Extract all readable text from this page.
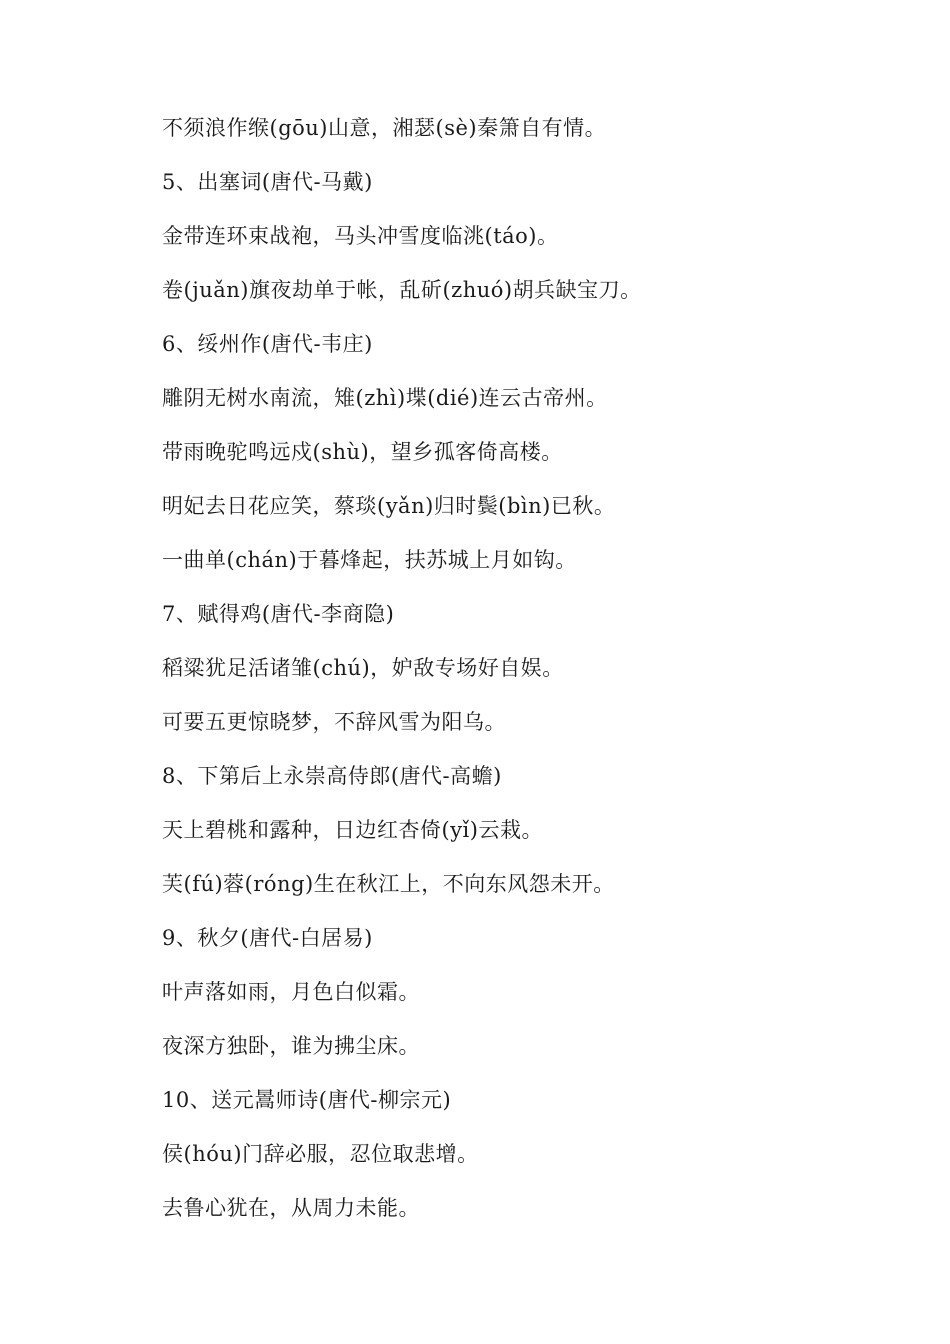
不须浪作缑(gōu)山意，湘瑟(sè)秦箫自有情。
5、出塞词(唐代-马戴)
金带连环束战袍，马头冲雪度临洮(táo)。
卷(juǎn)旗夜劫单于帐，乱斫(zhuó)胡兵缺宝刀。
6、绥州作(唐代-韦庄)
雕阴无树水南流，雉(zhì)堞(dié)连云古帝州。
带雨晚驼鸣远戍(shù)，望乡孤客倚高楼。
明妃去日花应笑，蔡琰(yǎn)归时鬓(bìn)已秋。
一曲单(chán)于暮烽起，扶苏城上月如钩。
7、赋得鸡(唐代-李商隐)
稻粱犹足活诸雏(chú)，妒敌专场好自娱。
可要五更惊晓梦，不辞风雪为阳乌。
8、下第后上永崇高侍郎(唐代-高蟾)
天上碧桃和露种，日边红杏倚(yǐ)云栽。
芙(fú)蓉(róng)生在秋江上，不向东风怨未开。
9、秋夕(唐代-白居易)
叶声落如雨，月色白似霜。
夜深方独卧，谁为拂尘床。
10、送元暠师诗(唐代-柳宗元)
侯(hóu)门辞必服，忍位取悲增。
去鲁心犹在，从周力未能。
